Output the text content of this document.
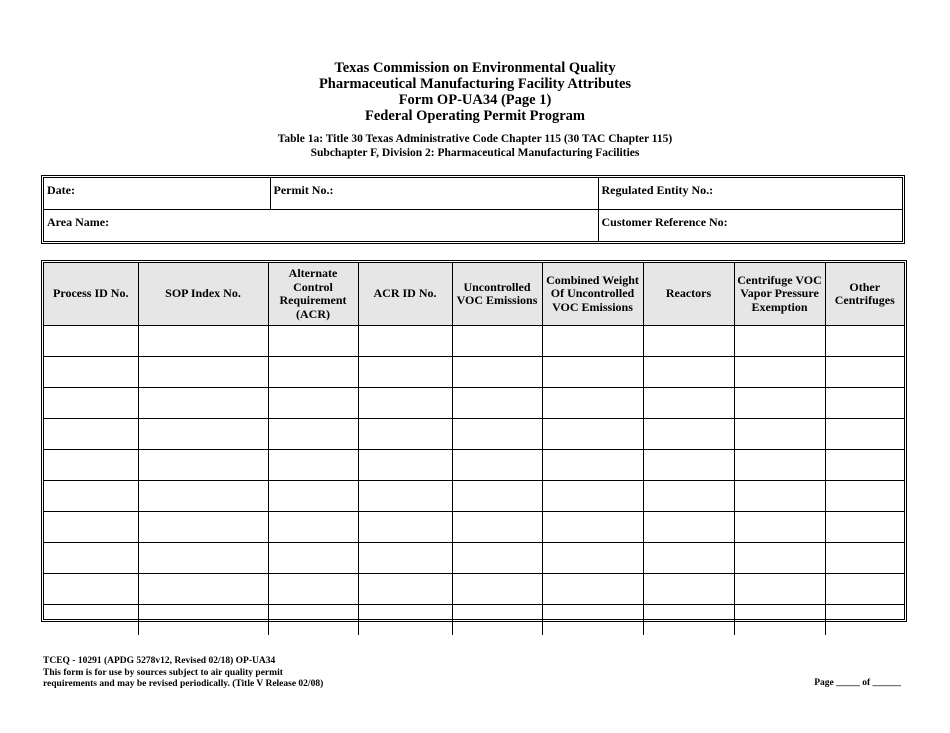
Texas Commission on Environmental Quality
Pharmaceutical Manufacturing Facility Attributes
Form OP-UA34 (Page 1)
Federal Operating Permit Program
Table 1a: Title 30 Texas Administrative Code Chapter 115 (30 TAC Chapter 115)
Subchapter F, Division 2: Pharmaceutical Manufacturing Facilities
Date:	Permit No.:	Regulated Entity No.:
Area Name:		Customer Reference No:
Process ID No.	SOP Index No.	Alternate Control Requirement (ACR)	ACR ID No.	Uncontrolled VOC Emissions	Combined Weight Of Uncontrolled VOC Emissions	Reactors	Centrifuge VOC Vapor Pressure Exemption	Other Centrifuges

TCEQ - 10291 (APDG 5278v12, Revised 02/18) OP-UA34
This form is for use by sources subject to air quality permit
requirements and may be revised periodically. (Title V Release 02/08)	Page _____ of ______
